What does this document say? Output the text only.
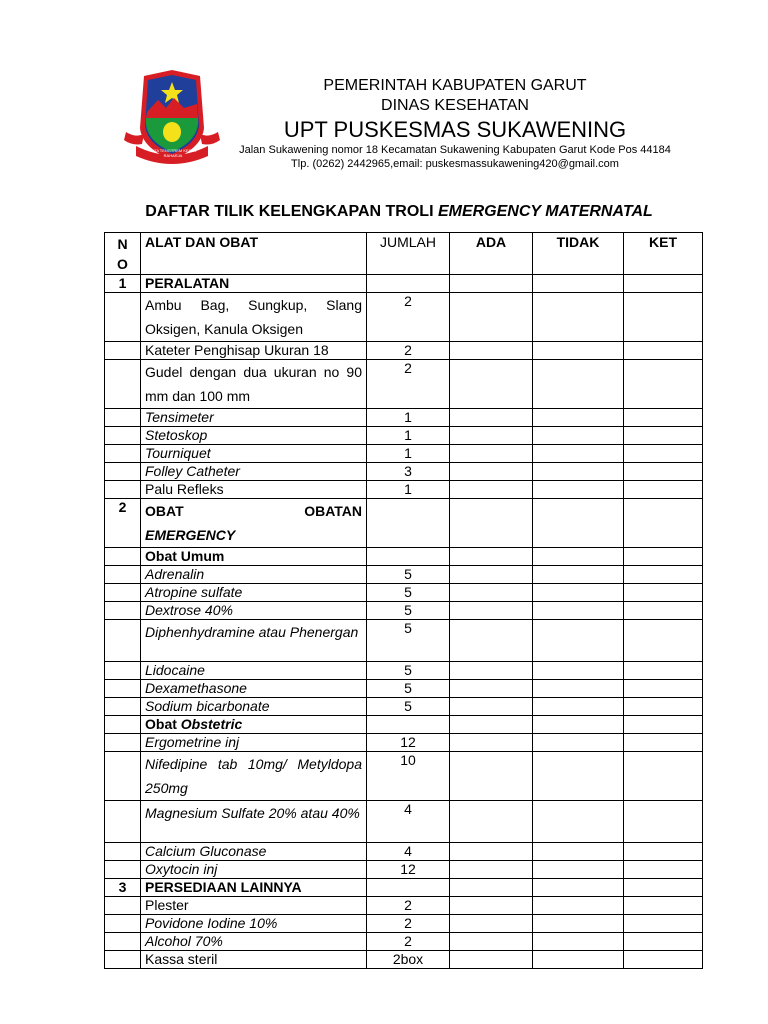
TATA TENGTREM KERTA RAHARJA
PEMERINTAH KABUPATEN GARUT
DINAS KESEHATAN
UPT PUSKESMAS SUKAWENING
Jalan Sukawening nomor 18 Kecamatan Sukawening Kabupaten Garut Kode Pos 44184
Tlp. (0262) 2442965,email: puskesmassukawening420@gmail.com
DAFTAR TILIK KELENGKAPAN TROLI EMERGENCY MATERNATAL
N
O	ALAT DAN OBAT	JUMLAH	ADA	TIDAK	KET
1	PERALATAN				
	Ambu Bag, Sungkup, Slang Oksigen, Kanula Oksigen	2			
	Kateter Penghisap Ukuran 18	2			
	Gudel dengan dua ukuran no 90 mm dan 100 mm	2			
	Tensimeter	1			
	Stetoskop	1			
	Tourniquet	1			
	Folley Catheter	3			
	Palu Refleks	1			
2	OBAT OBATAN
EMERGENCY				

	Obat Umum				
	Adrenalin	5			
	Atropine sulfate	5			
	Dextrose 40%	5			
	Diphenhydramine atau Phenergan	5			
	Lidocaine	5			
	Dexamethasone	5			
	Sodium bicarbonate	5			
	Obat Obstetric				
	Ergometrine inj	12			
	Nifedipine tab 10mg/ Metyldopa 250mg	10			
	Magnesium Sulfate 20% atau 40%	4			
	Calcium Gluconase	4			
	Oxytocin inj	12			
3	PERSEDIAAN LAINNYA				
	Plester	2			
	Povidone Iodine 10%	2			
	Alcohol 70%	2			
	Kassa steril	2box			
